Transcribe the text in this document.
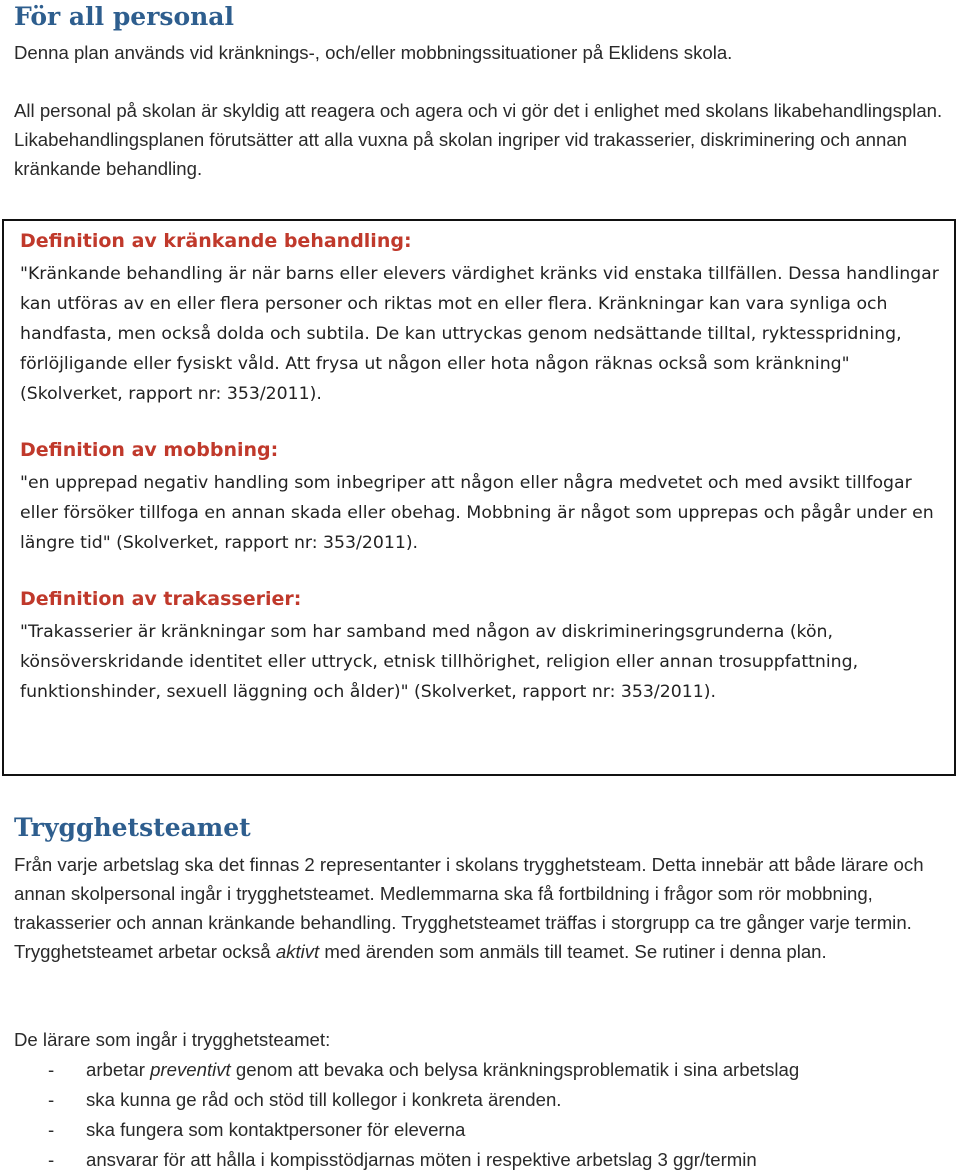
För all personal

Denna plan används vid kränknings-, och/eller mobbningssituationer på Eklidens skola.

All personal på skolan är skyldig att reagera och agera och vi gör det i enlighet med skolans likabehandlingsplan. Likabehandlingsplanen förutsätter att alla vuxna på skolan ingriper vid trakasserier, diskriminering och annan kränkande behandling.

Definition av kränkande behandling:

"Kränkande behandling är när barns eller elevers värdighet kränks vid enstaka tillfällen. Dessa handlingar kan utföras av en eller flera personer och riktas mot en eller flera. Kränkningar kan vara synliga och handfasta, men också dolda och subtila. De kan uttryckas genom nedsättande tilltal, ryktesspridning, förlöjligande eller fysiskt våld. Att frysa ut någon eller hota någon räknas också som kränkning" (Skolverket, rapport nr: 353/2011).

Definition av mobbning:

"en upprepad negativ handling som inbegriper att någon eller några medvetet och med avsikt tillfogar eller försöker tillfoga en annan skada eller obehag. Mobbning är något som upprepas och pågår under en längre tid" (Skolverket, rapport nr: 353/2011).

Definition av trakasserier:

"Trakasserier är kränkningar som har samband med någon av diskrimineringsgrunderna (kön, könsöverskridande identitet eller uttryck, etnisk tillhörighet, religion eller annan trosuppfattning, funktionshinder, sexuell läggning och ålder)" (Skolverket, rapport nr: 353/2011).

Trygghetsteamet

Från varje arbetslag ska det finnas 2 representanter i skolans trygghetsteam. Detta innebär att både lärare och annan skolpersonal ingår i trygghetsteamet. Medlemmarna ska få fortbildning i frågor som rör mobbning, trakasserier och annan kränkande behandling. Trygghetsteamet träffas i storgrupp ca tre gånger varje termin. Trygghetsteamet arbetar också aktivt med ärenden som anmäls till teamet. Se rutiner i denna plan.

De lärare som ingår i trygghetsteamet:

- arbetar preventivt genom att bevaka och belysa kränkningsproblematik i sina arbetslag
- ska kunna ge råd och stöd till kollegor i konkreta ärenden.
- ska fungera som kontaktpersoner för eleverna
- ansvarar för att hålla i kompisstödjarnas möten i respektive arbetslag 3 ggr/termin
